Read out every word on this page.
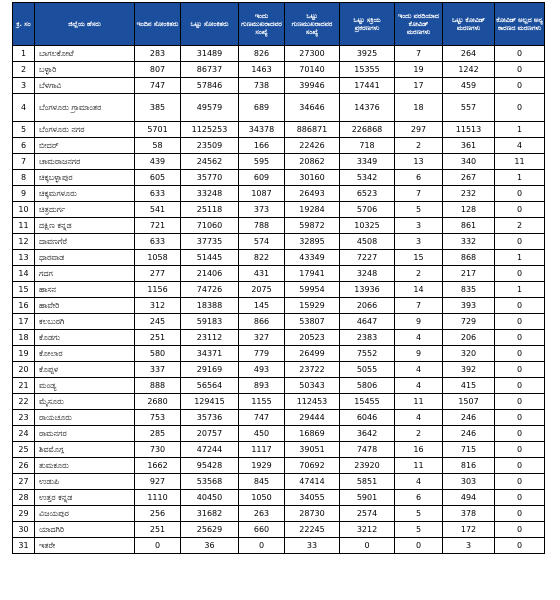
ಕ್ರ. ಸಂ	ಜಿಲ್ಲೆಯ ಹೆಸರು	ಇಂದಿನ ಸೋಂಕಿತರು	ಒಟ್ಟು ಸೋಂಕಿತರು	ಇಂದು ಗುಣಮುಖರಾದವರ ಸಂಖ್ಯೆ	ಒಟ್ಟು ಗುಣಮುಖರಾದವರ ಸಂಖ್ಯೆ	ಒಟ್ಟು ಸಕ್ರಿಯ ಪ್ರಕರಣಗಳು	ಇಂದು ವರದಿಯಾದ ಕೋವಿಡ್ ಮರಣಗಳು	ಒಟ್ಟು ಕೋವಿಡ್ ಮರಣಗಳು	ಕೋವಿಡ್ ಅಲ್ಲದ ಅನ್ಯ ಕಾರಣದ ಮರಣಗಳು
1	ಬಾಗಲಕೋಟೆ	283	31489	826	27300	3925	7	264	0
2	ಬಳ್ಳಾರಿ	807	86737	1463	70140	15355	19	1242	0
3	ಬೆಳಗಾವಿ	747	57846	738	39946	17441	17	459	0
4	ಬೆಂಗಳೂರು ಗ್ರಾಮಾಂತರ	385	49579	689	34646	14376	18	557	0
5	ಬೆಂಗಳೂರು ನಗರ	5701	1125253	34378	886871	226868	297	11513	1
6	ಬೀದರ್	58	23509	166	22426	718	2	361	4
7	ಚಾಮರಾಜನಗರ	439	24562	595	20862	3349	13	340	11
8	ಚಿಕ್ಕಬಳ್ಳಾಪುರ	605	35770	609	30160	5342	6	267	1
9	ಚಿಕ್ಕಮಗಳೂರು	633	33248	1087	26493	6523	7	232	0
10	ಚಿತ್ರದುರ್ಗ	541	25118	373	19284	5706	5	128	0
11	ದಕ್ಷಿಣ ಕನ್ನಡ	721	71060	788	59872	10325	3	861	2
12	ದಾವಣಗೆರೆ	633	37735	574	32895	4508	3	332	0
13	ಧಾರವಾಡ	1058	51445	822	43349	7227	15	868	1
14	ಗದಗ	277	21406	431	17941	3248	2	217	0
15	ಹಾಸನ	1156	74726	2075	59954	13936	14	835	1
16	ಹಾವೇರಿ	312	18388	145	15929	2066	7	393	0
17	ಕಲಬುರಗಿ	245	59183	866	53807	4647	9	729	0
18	ಕೊಡಗು	251	23112	327	20523	2383	4	206	0
19	ಕೋಲಾರ	580	34371	779	26499	7552	9	320	0
20	ಕೊಪ್ಪಳ	337	29169	493	23722	5055	4	392	0
21	ಮಂಡ್ಯ	888	56564	893	50343	5806	4	415	0
22	ಮೈಸೂರು	2680	129415	1155	112453	15455	11	1507	0
23	ರಾಯಚೂರು	753	35736	747	29444	6046	4	246	0
24	ರಾಮನಗರ	285	20757	450	16869	3642	2	246	0
25	ಶಿವಮೊಗ್ಗ	730	47244	1117	39051	7478	16	715	0
26	ತುಮಕೂರು	1662	95428	1929	70692	23920	11	816	0
27	ಉಡುಪಿ	927	53568	845	47414	5851	4	303	0
28	ಉತ್ತರ ಕನ್ನಡ	1110	40450	1050	34055	5901	6	494	0
29	ವಿಜಯಪುರ	256	31682	263	28730	2574	5	378	0
30	ಯಾದಗಿರಿ	251	25629	660	22245	3212	5	172	0
31	ಇತರೇ	0	36	0	33	0	0	3	0
